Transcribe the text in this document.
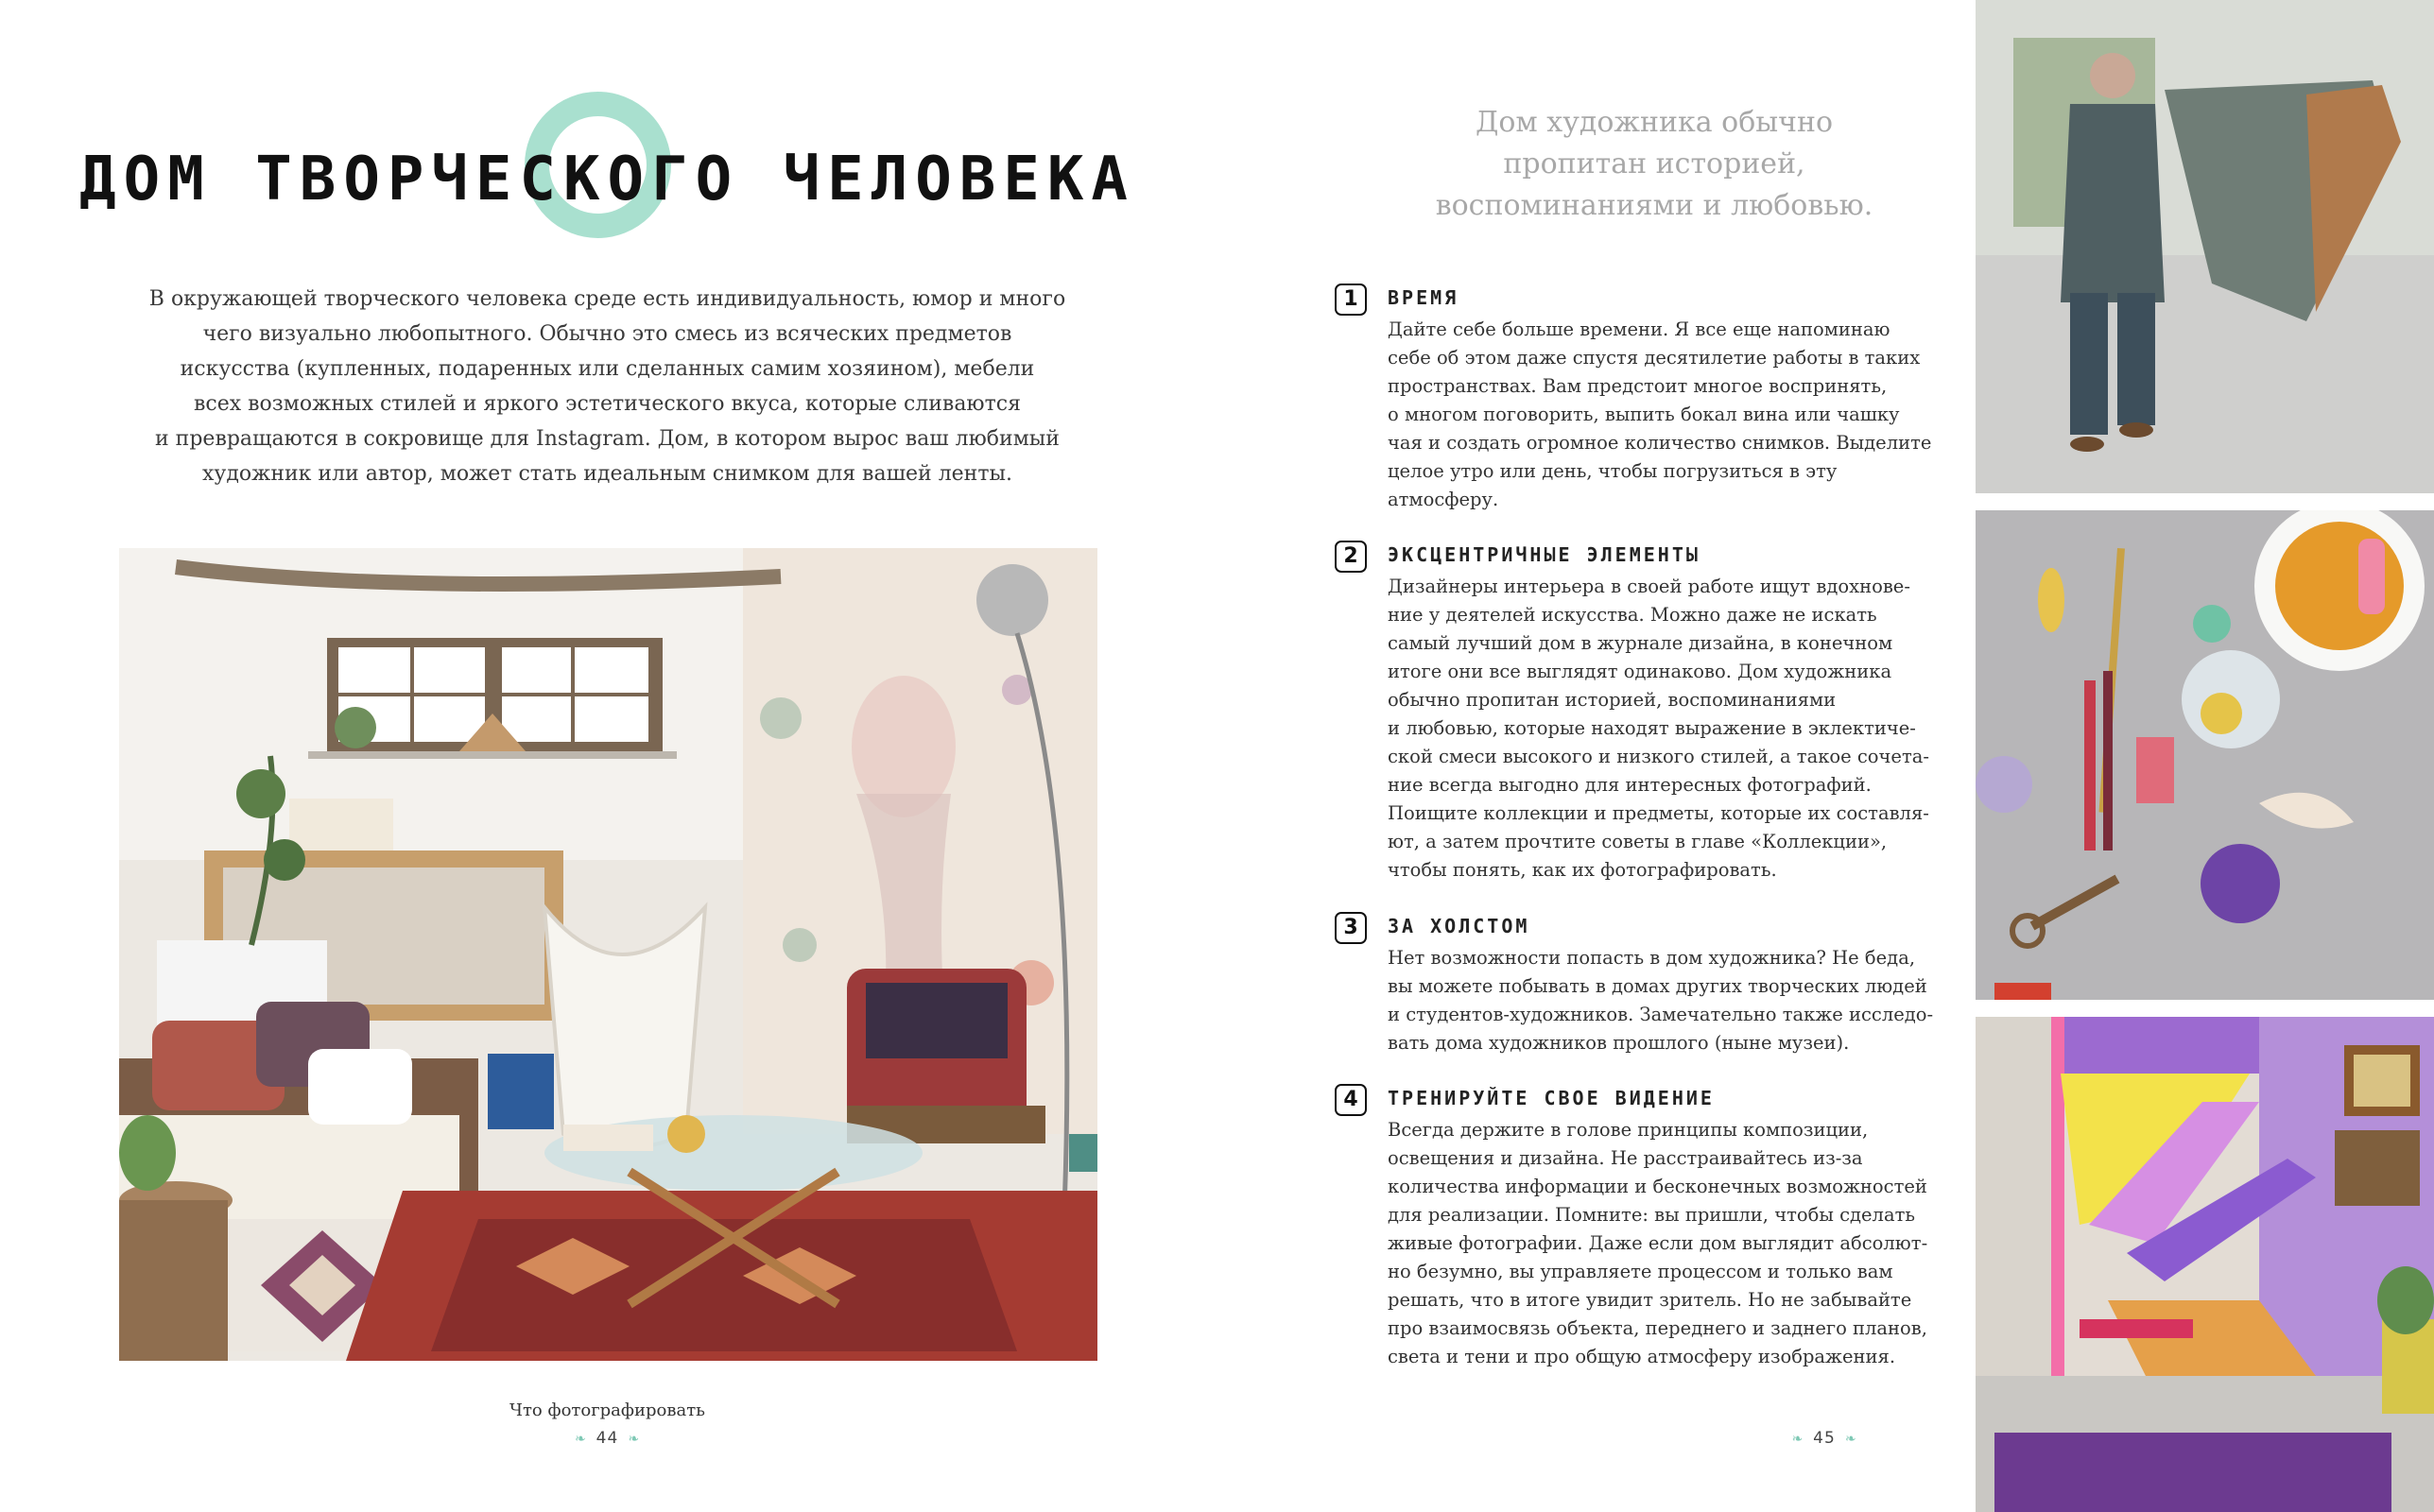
ДОМ ТВОРЧЕСКОГО ЧЕЛОВЕКА
В окружающей творческого человека среде есть индивидуальность, юмор и много
чего визуально любопытного. Обычно это смесь из всяческих предметов
искусства (купленных, подаренных или сделанных самим хозяином), мебели
всех возможных стилей и яркого эстетического вкуса, которые сливаются
и превращаются в сокровище для Instagram. Дом, в котором вырос ваш любимый
художник или автор, может стать идеальным снимком для вашей ленты.
Что фотографировать
❧ 44 ❧
Дом художника обычно
пропитан историей,
воспоминаниями и любовью.
1	ВРЕМЯ
Дайте себе больше времени. Я все еще напоминаю
себе об этом даже спустя десятилетие работы в таких
пространствах. Вам предстоит многое воспринять,
о многом поговорить, выпить бокал вина или чашку
чая и создать огромное количество снимков. Выделите
целое утро или день, чтобы погрузиться в эту
атмосферу.
2	ЭКСЦЕНТРИЧНЫЕ ЭЛЕМЕНТЫ
Дизайнеры интерьера в своей работе ищут вдохнове-
ние у деятелей искусства. Можно даже не искать
самый лучший дом в журнале дизайна, в конечном
итоге они все выглядят одинаково. Дом художника
обычно пропитан историей, воспоминаниями
и любовью, которые находят выражение в эклектиче-
ской смеси высокого и низкого стилей, а такое сочета-
ние всегда выгодно для интересных фотографий.
Поищите коллекции и предметы, которые их составля-
ют, а затем прочтите советы в главе «Коллекции»,
чтобы понять, как их фотографировать.
3	ЗА ХОЛСТОМ
Нет возможности попасть в дом художника? Не беда,
вы можете побывать в домах других творческих людей
и студентов-художников. Замечательно также исследо-
вать дома художников прошлого (ныне музеи).
4	ТРЕНИРУЙТЕ СВОЕ ВИДЕНИЕ
Всегда держите в голове принципы композиции,
освещения и дизайна. Не расстраивайтесь из-за
количества информации и бесконечных возможностей
для реализации. Помните: вы пришли, чтобы сделать
живые фотографии. Даже если дом выглядит абсолют-
но безумно, вы управляете процессом и только вам
решать, что в итоге увидит зритель. Но не забывайте
про взаимосвязь объекта, переднего и заднего планов,
света и тени и про общую атмосферу изображения.
❧ 45 ❧
